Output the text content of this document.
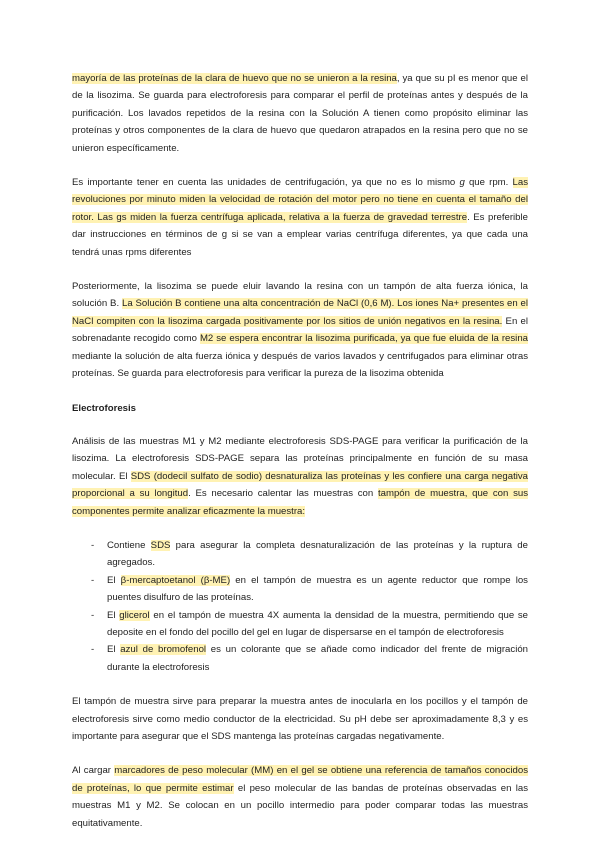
mayoría de las proteínas de la clara de huevo que no se unieron a la resina, ya que su pI es menor que el de la lisozima. Se guarda para electroforesis para comparar el perfil de proteínas antes y después de la purificación. Los lavados repetidos de la resina con la Solución A tienen como propósito eliminar las proteínas y otros componentes de la clara de huevo que quedaron atrapados en la resina pero que no se unieron específicamente.

Es importante tener en cuenta las unidades de centrifugación, ya que no es lo mismo g que rpm. Las revoluciones por minuto miden la velocidad de rotación del motor pero no tiene en cuenta el tamaño del rotor. Las gs miden la fuerza centrífuga aplicada, relativa a la fuerza de gravedad terrestre. Es preferible dar instrucciones en términos de g si se van a emplear varias centrífuga diferentes, ya que cada una tendrá unas rpms diferentes

Posteriormente, la lisozima se puede eluir lavando la resina con un tampón de alta fuerza iónica, la solución B. La Solución B contiene una alta concentración de NaCl (0,6 M). Los iones Na+ presentes en el NaCl compiten con la lisozima cargada positivamente por los sitios de unión negativos en la resina. En el sobrenadante recogido como M2 se espera encontrar la lisozima purificada, ya que fue eluida de la resina mediante la solución de alta fuerza iónica y después de varios lavados y centrifugados para eliminar otras proteínas. Se guarda para electroforesis para verificar la pureza de la lisozima obtenida

Electroforesis

Análisis de las muestras M1 y M2 mediante electroforesis SDS-PAGE para verificar la purificación de la lisozima. La electroforesis SDS-PAGE separa las proteínas principalmente en función de su masa molecular. El SDS (dodecil sulfato de sodio) desnaturaliza las proteínas y les confiere una carga negativa proporcional a su longitud. Es necesario calentar las muestras con tampón de muestra, que con sus componentes permite analizar eficazmente la muestra:

- Contiene SDS para asegurar la completa desnaturalización de las proteínas y la ruptura de agregados.
- El β-mercaptoetanol (β-ME) en el tampón de muestra es un agente reductor que rompe los puentes disulfuro de las proteínas.
- El glicerol en el tampón de muestra 4X aumenta la densidad de la muestra, permitiendo que se deposite en el fondo del pocillo del gel en lugar de dispersarse en el tampón de electroforesis
- El azul de bromofenol es un colorante que se añade como indicador del frente de migración durante la electroforesis

El tampón de muestra sirve para preparar la muestra antes de inocularla en los pocillos y el tampón de electroforesis sirve como medio conductor de la electricidad. Su pH debe ser aproximadamente 8,3 y es importante para asegurar que el SDS mantenga las proteínas cargadas negativamente.

Al cargar marcadores de peso molecular (MM) en el gel se obtiene una referencia de tamaños conocidos de proteínas, lo que permite estimar el peso molecular de las bandas de proteínas observadas en las muestras M1 y M2. Se colocan en un pocillo intermedio para poder comparar todas las muestras equitativamente.
